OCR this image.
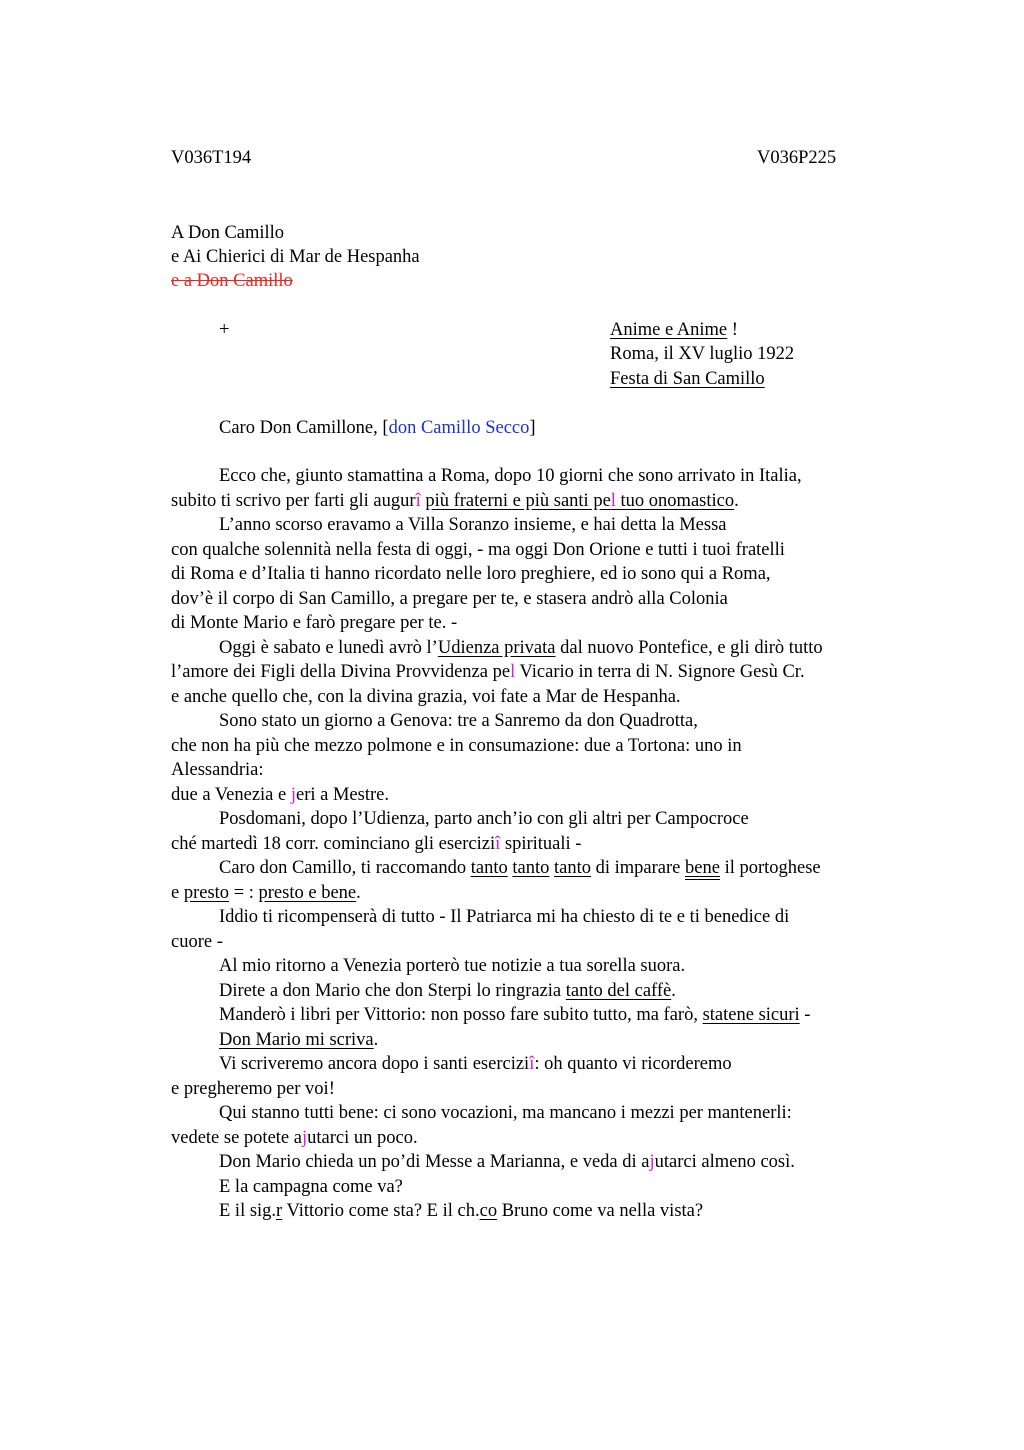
V036T194	V036P225
A Don Camillo
e Ai Chierici di Mar de Hespanha
e a Don Camillo
+	Anime e Anime !
Roma, il XV luglio 1922
Festa di San Camillo
Caro Don Camillone, [don Camillo Secco]
Ecco che, giunto stamattina a Roma, dopo 10 giorni che sono arrivato in Italia,
subito ti scrivo per farti gli augurî più fraterni e più santi pel tuo onomastico.
L’anno scorso eravamo a Villa Soranzo insieme, e hai detta la Messa
con qualche solennità nella festa di oggi, - ma oggi Don Orione e tutti i tuoi fratelli
di Roma e d’Italia ti hanno ricordato nelle loro preghiere, ed io sono qui a Roma,
dov’è il corpo di San Camillo, a pregare per te, e stasera andrò alla Colonia
di Monte Mario e farò pregare per te. -
Oggi è sabato e lunedì avrò l’Udienza privata dal nuovo Pontefice, e gli dirò tutto
l’amore dei Figli della Divina Provvidenza pel Vicario in terra di N. Signore Gesù Cr.
e anche quello che, con la divina grazia, voi fate a Mar de Hespanha.
Sono stato un giorno a Genova: tre a Sanremo da don Quadrotta,
che non ha più che mezzo polmone e in consumazione: due a Tortona: uno in
Alessandria:
due a Venezia e jeri a Mestre.
Posdomani, dopo l’Udienza, parto anch’io con gli altri per Campocroce
ché martedì 18 corr. cominciano gli eserciziî spirituali -
Caro don Camillo, ti raccomando tanto tanto tanto di imparare bene il portoghese
e presto = : presto e bene.
Iddio ti ricompenserà di tutto - Il Patriarca mi ha chiesto di te e ti benedice di
cuore -
Al mio ritorno a Venezia porterò tue notizie a tua sorella suora.
Direte a don Mario che don Sterpi lo ringrazia tanto del caffè.
Manderò i libri per Vittorio: non posso fare subito tutto, ma farò, statene sicuri -
Don Mario mi scriva.
Vi scriveremo ancora dopo i santi eserciziî: oh quanto vi ricorderemo
e pregheremo per voi!
Qui stanno tutti bene: ci sono vocazioni, ma mancano i mezzi per mantenerli:
vedete se potete ajutarci un poco.
Don Mario chieda un po’di Messe a Marianna, e veda di ajutarci almeno così.
E la campagna come va?
E il sig.r Vittorio come sta? E il ch.co Bruno come va nella vista?
